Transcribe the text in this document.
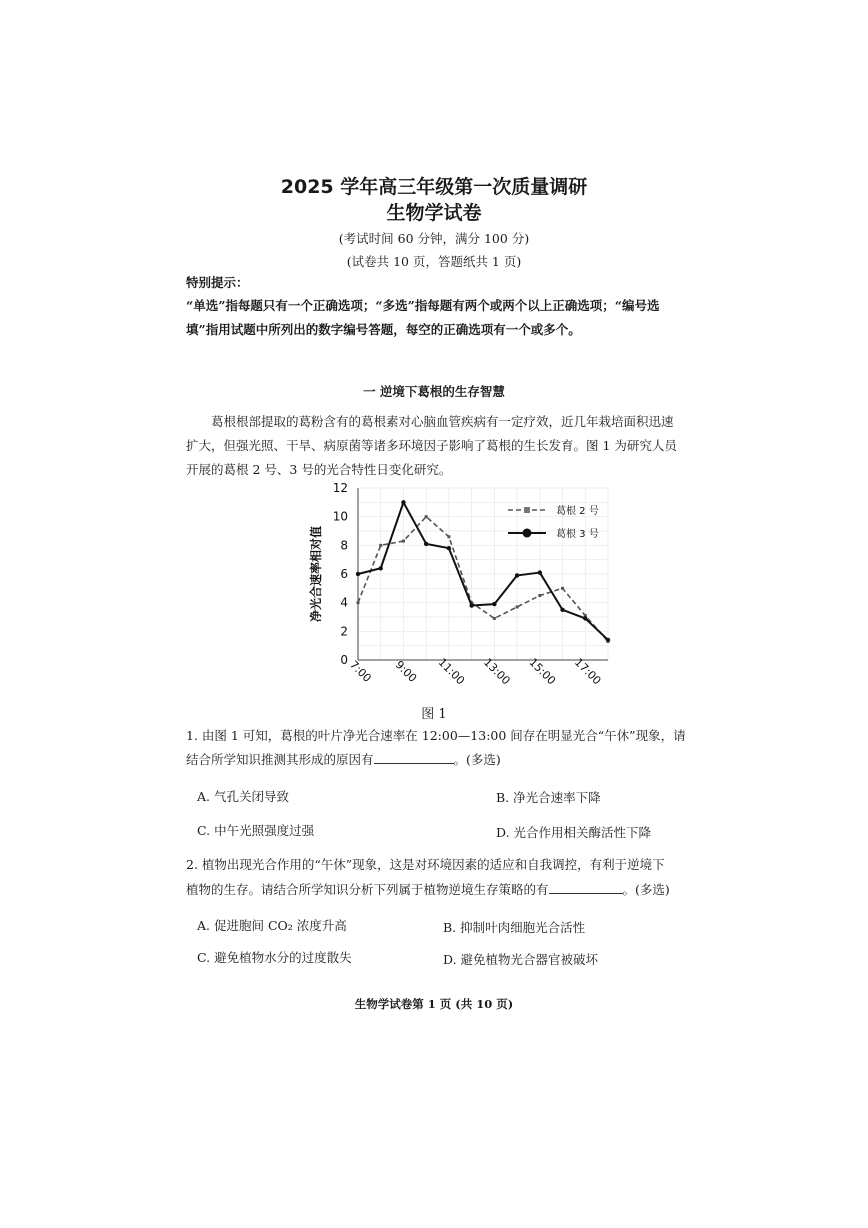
2025 学年高三年级第一次质量调研
生物学试卷
(考试时间 60 分钟，满分 100 分)
(试卷共 10 页，答题纸共 1 页)
特别提示：
“单选”指每题只有一个正确选项；“多选”指每题有两个或两个以上正确选项；“编号选
填”指用试题中所列出的数字编号答题，每空的正确选项有一个或多个。
一 逆境下葛根的生存智慧
葛根根部提取的葛粉含有的葛根素对心脑血管疾病有一定疗效，近几年栽培面积迅速
扩大，但强光照、干旱、病原菌等诸多环境因子影响了葛根的生长发育。图 1 为研究人员
开展的葛根 2 号、3 号的光合特性日变化研究。
0
2
4
6
8
10
12
7:00 9:00 11:00 13:00 15:00 17:00
净光合速率相对值
葛根 2 号
葛根 3 号
图 1
1. 由图 1 可知，葛根的叶片净光合速率在 12:00—13:00 间存在明显光合“午休”现象，请
结合所学知识推测其形成的原因有	。(多选)
A. 气孔关闭导致	B. 净光合速率下降
C. 中午光照强度过强	D. 光合作用相关酶活性下降
2. 植物出现光合作用的“午休”现象，这是对环境因素的适应和自我调控，有利于逆境下
植物的生存。请结合所学知识分析下列属于植物逆境生存策略的有	。(多选)
A. 促进胞间 CO₂ 浓度升高	B. 抑制叶肉细胞光合活性
C. 避免植物水分的过度散失	D. 避免植物光合器官被破坏
生物学试卷第 1 页 (共 10 页)
